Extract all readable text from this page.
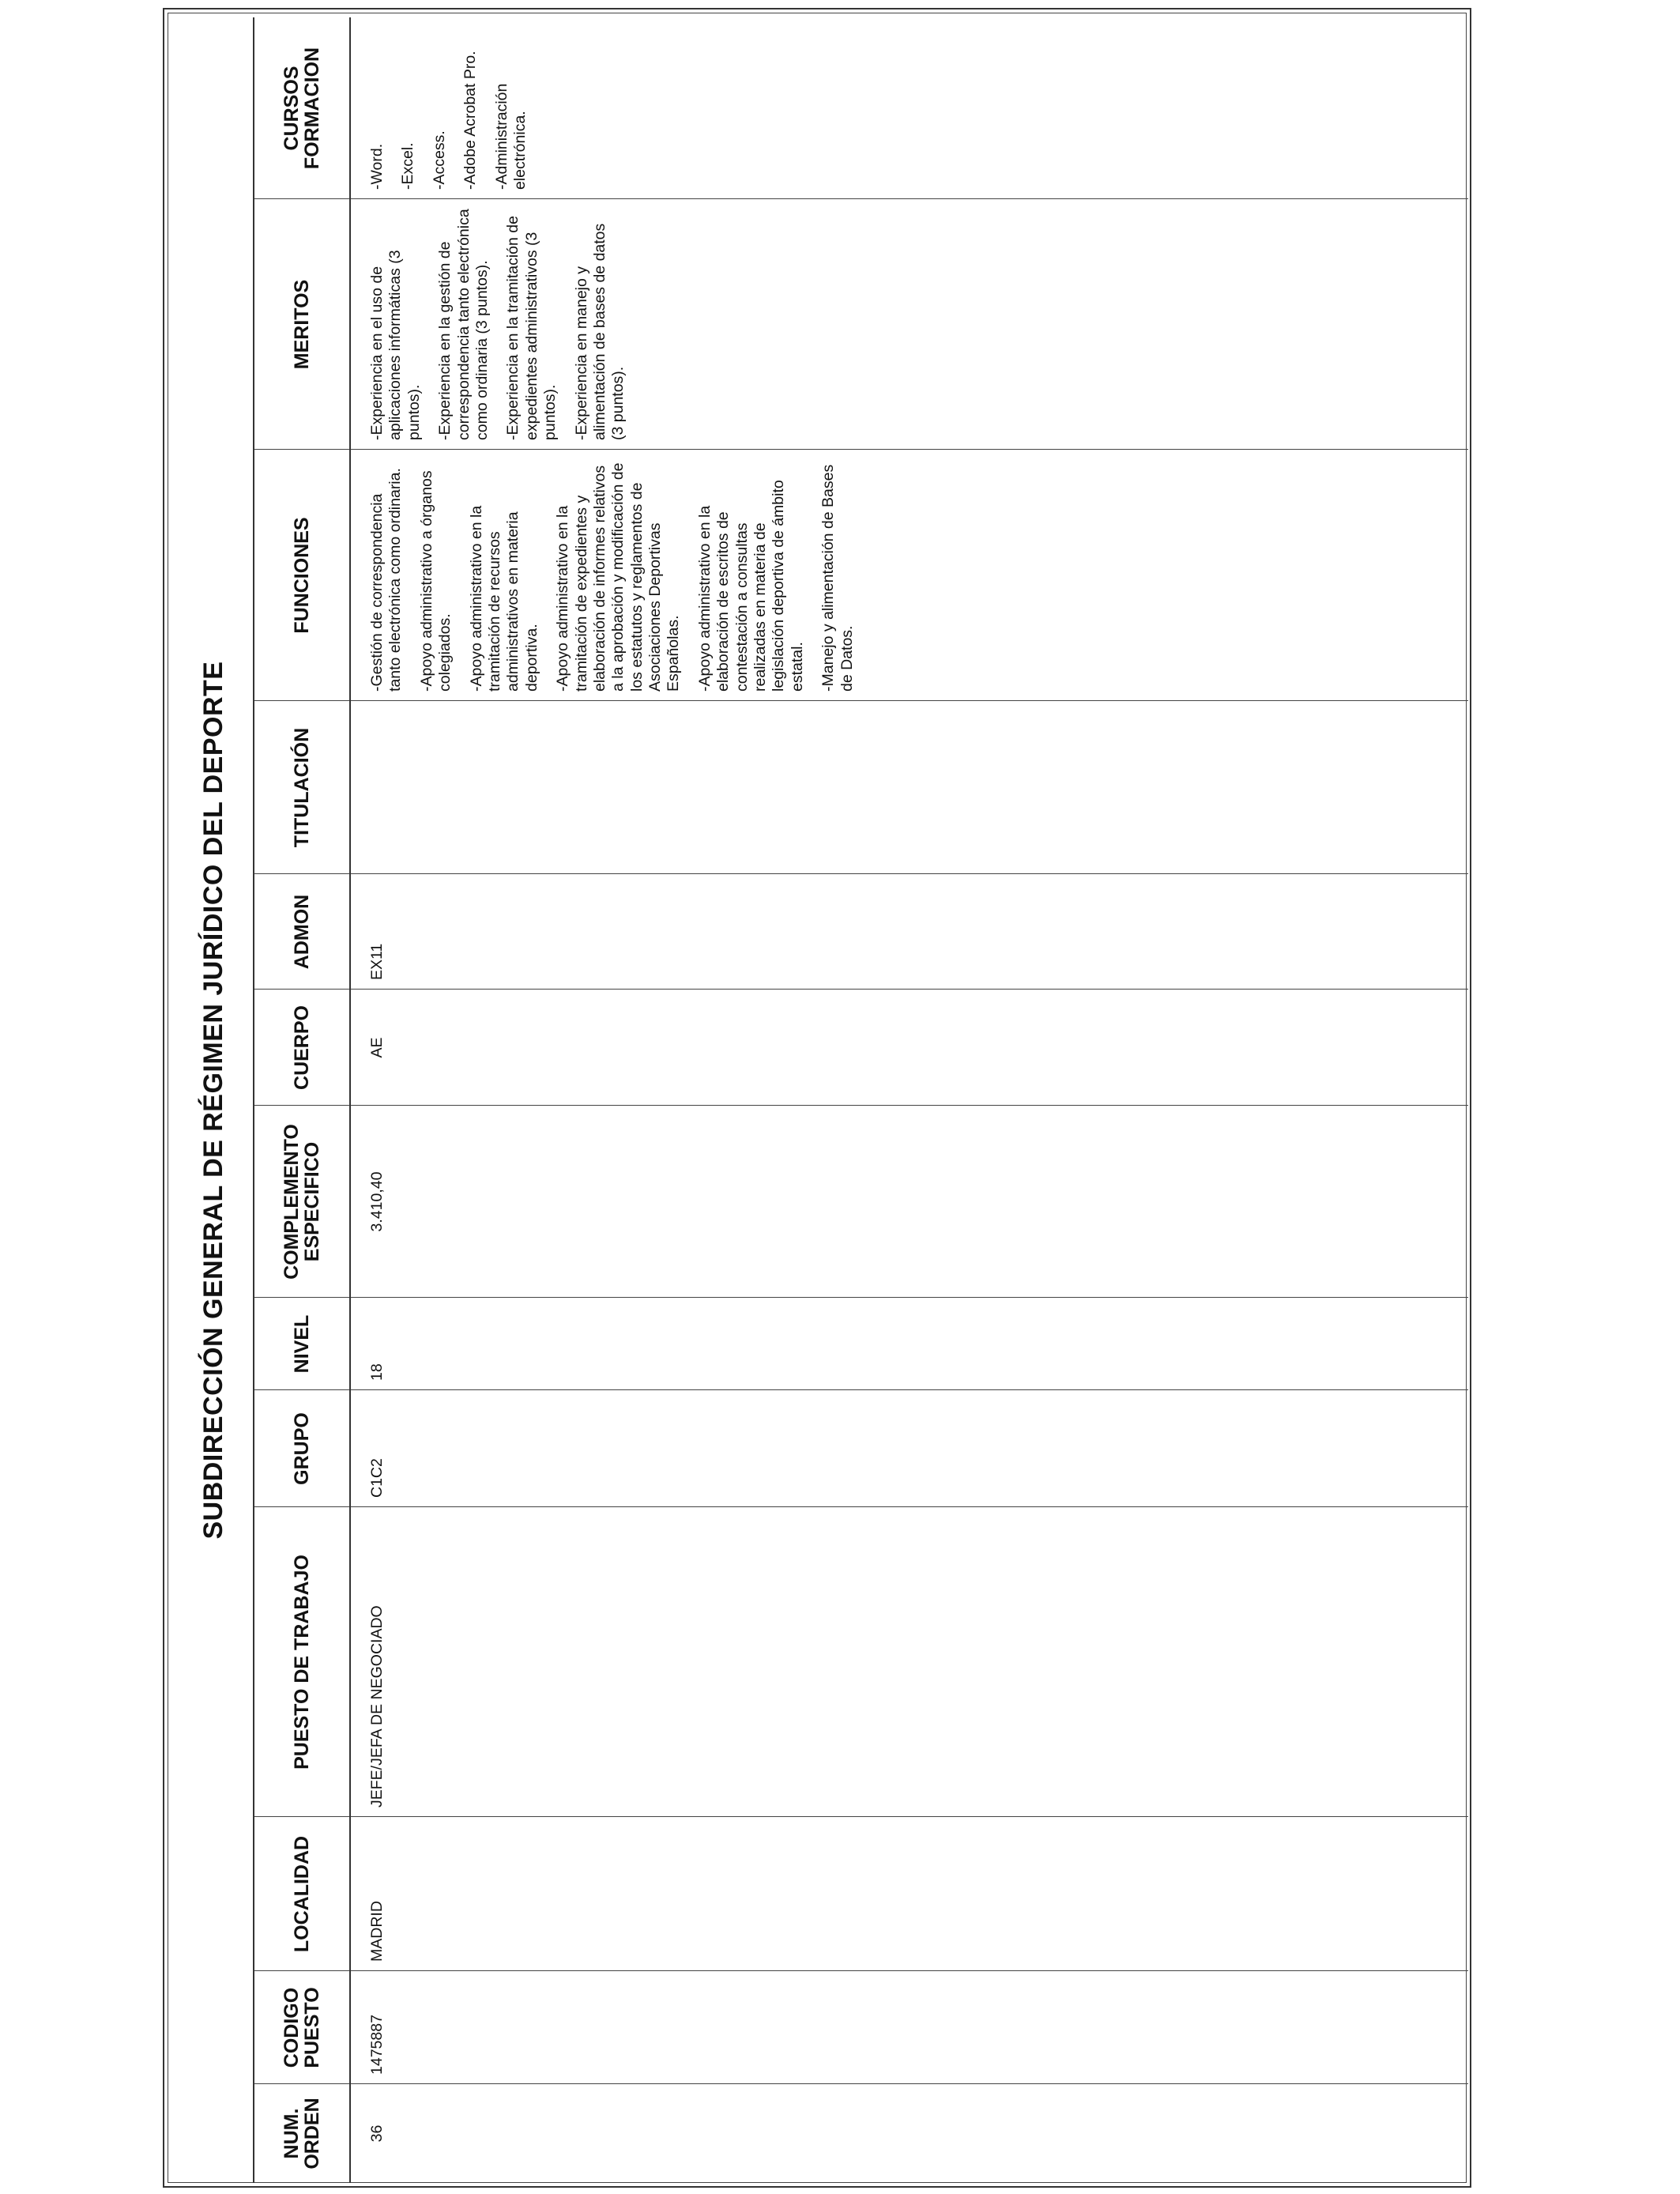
SUBDIRECCIÓN GENERAL DE RÉGIMEN JURÍDICO DEL DEPORTE
NUM. ORDEN
CODIGO PUESTO
LOCALIDAD
PUESTO DE TRABAJO
GRUPO
NIVEL
COMPLEMENTO ESPECIFICO
CUERPO
ADMON
TITULACIÓN
FUNCIONES
MERITOS
CURSOS FORMACION
36
1475887
MADRID
JEFE/JEFA DE NEGOCIADO
C1C2
18
3.410,40
AE
EX11

-Gestión de correspondencia tanto electrónica como ordinaria. -Apoyo administrativo a órganos colegiados. -Apoyo administrativo en la tramitación de recursos administrativos en materia deportiva. -Apoyo administrativo en la tramitación de expedientes y elaboración de informes relativos a la aprobación y modificación de los estatutos y reglamentos de Asociaciones Deportivas Españolas. -Apoyo administrativo en la elaboración de escritos de contestación a consultas realizadas en materia de legislación deportiva de ámbito estatal. -Manejo y alimentación de Bases de Datos.

-Experiencia en el uso de aplicaciones informáticas (3 puntos). -Experiencia en la gestión de correspondencia tanto electrónica como ordinaria (3 puntos). -Experiencia en la tramitación de expedientes administrativos (3 puntos). -Experiencia en manejo y alimentación de bases de datos (3 puntos).

-Word. -Excel. -Access. -Adobe Acrobat Pro. -Administración electrónica.
